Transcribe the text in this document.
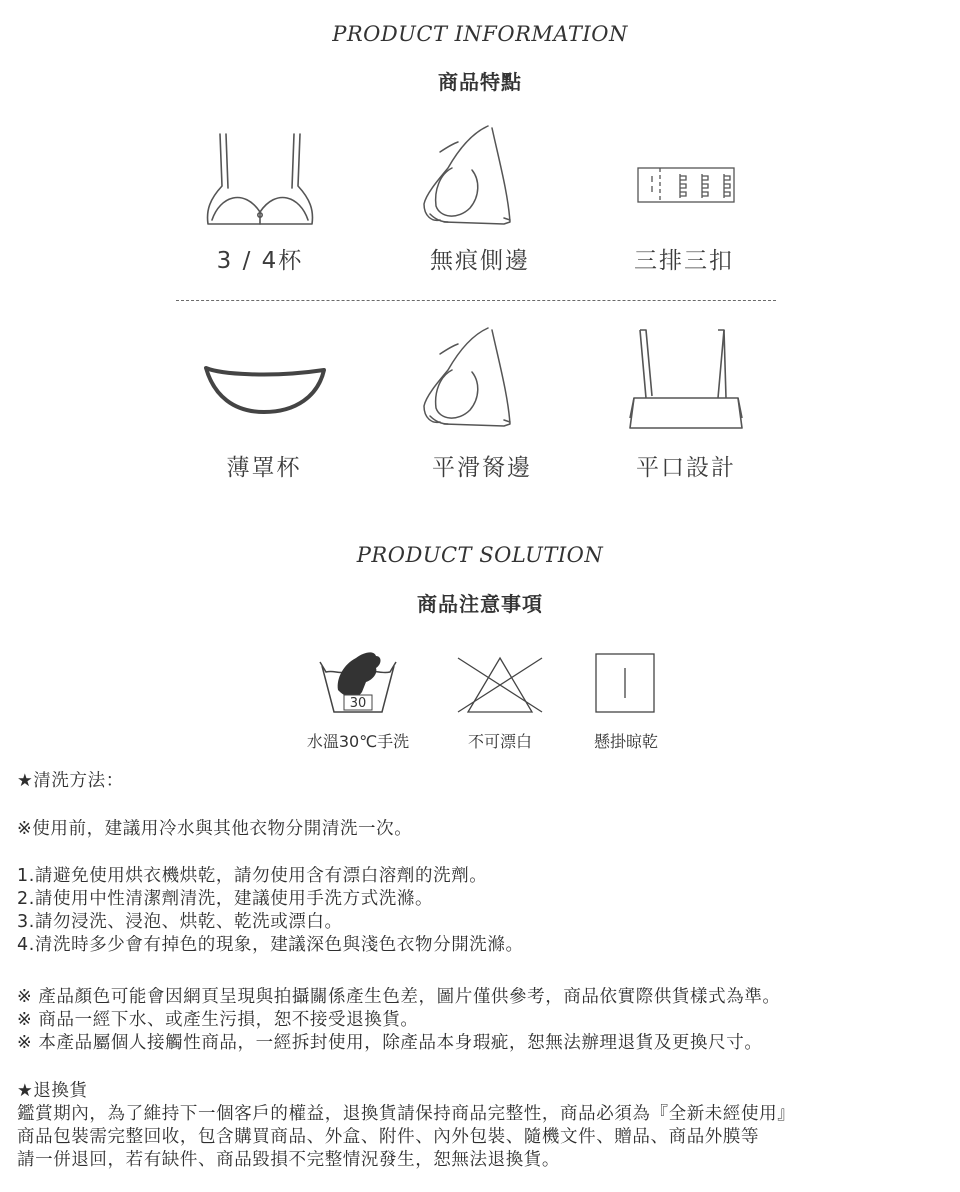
PRODUCT INFORMATION
商品特點
3 / 4杯	無痕側邊	三排三扣
薄罩杯	平滑胬邊	平口設計
PRODUCT SOLUTION
商品注意事項
30
水溫30℃手洗	不可漂白	懸掛晾乾
★清洗方法：
※使用前，建議用冷水與其他衣物分開清洗一次。
1.請避免使用烘衣機烘乾，請勿使用含有漂白溶劑的洗劑。
2.請使用中性清潔劑清洗，建議使用手洗方式洗滌。
3.請勿浸洗、浸泡、烘乾、乾洗或漂白。
4.清洗時多少會有掉色的現象，建議深色與淺色衣物分開洗滌。
※ 產品顏色可能會因網頁呈現與拍攝關係產生色差，圖片僅供參考，商品依實際供貨樣式為準。
※ 商品一經下水、或產生污損，恕不接受退換貨。
※ 本產品屬個人接觸性商品，一經拆封使用，除產品本身瑕疵，恕無法辦理退貨及更換尺寸。
★退換貨
鑑賞期內，為了維持下一個客戶的權益，退換貨請保持商品完整性，商品必須為『全新未經使用』
商品包裝需完整回收，包含購買商品、外盒、附件、內外包裝、隨機文件、贈品、商品外膜等
請一併退回，若有缺件、商品毀損不完整情況發生，恕無法退換貨。
